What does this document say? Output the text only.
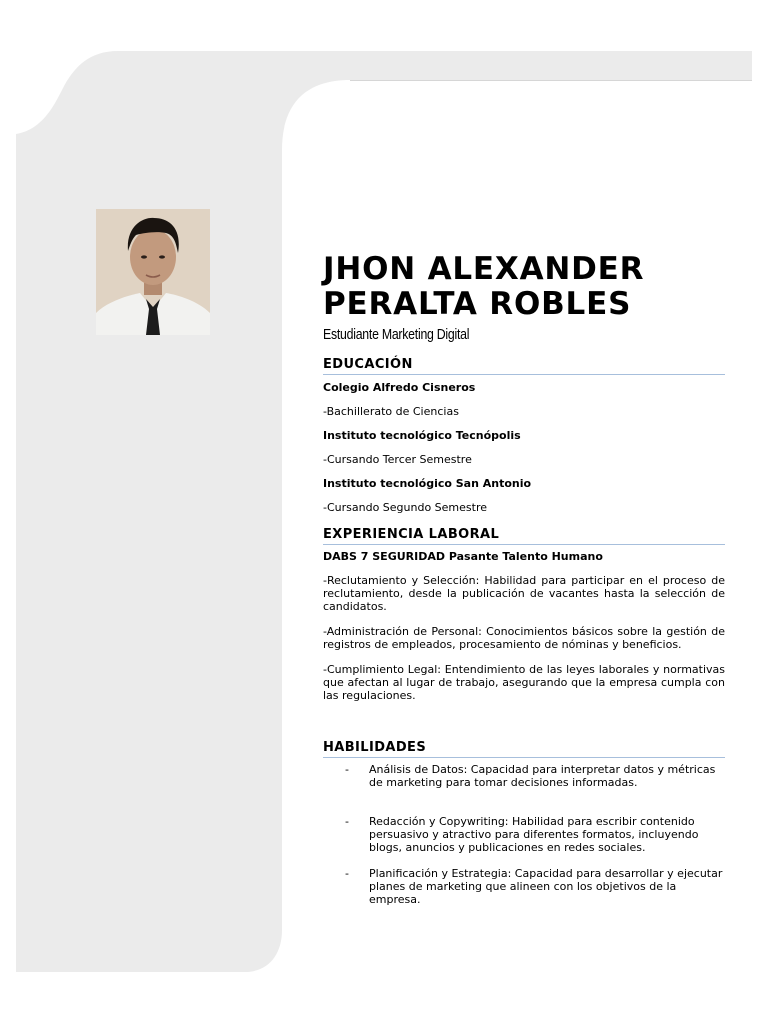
JHON ALEXANDER
PERALTA ROBLES
Estudiante Marketing Digital
EDUCACIÓN
Colegio Alfredo Cisneros
-Bachillerato de Ciencias
Instituto tecnológico Tecnópolis
-Cursando Tercer Semestre
Instituto tecnológico San Antonio
-Cursando Segundo Semestre
EXPERIENCIA LABORAL
DABS 7 SEGURIDAD Pasante Talento Humano
-Reclutamiento y Selección: Habilidad para participar en el proceso de reclutamiento, desde la publicación de vacantes hasta la selección de candidatos.
-Administración de Personal: Conocimientos básicos sobre la gestión de registros de empleados, procesamiento de nóminas y beneficios.
-Cumplimiento Legal: Entendimiento de las leyes laborales y normativas que afectan al lugar de trabajo, asegurando que la empresa cumpla con las regulaciones.
HABILIDADES
- Análisis de Datos: Capacidad para interpretar datos y métricas de marketing para tomar decisiones informadas.
- Redacción y Copywriting: Habilidad para escribir contenido persuasivo y atractivo para diferentes formatos, incluyendo blogs, anuncios y publicaciones en redes sociales.
- Planificación y Estrategia: Capacidad para desarrollar y ejecutar planes de marketing que alineen con los objetivos de la empresa.
